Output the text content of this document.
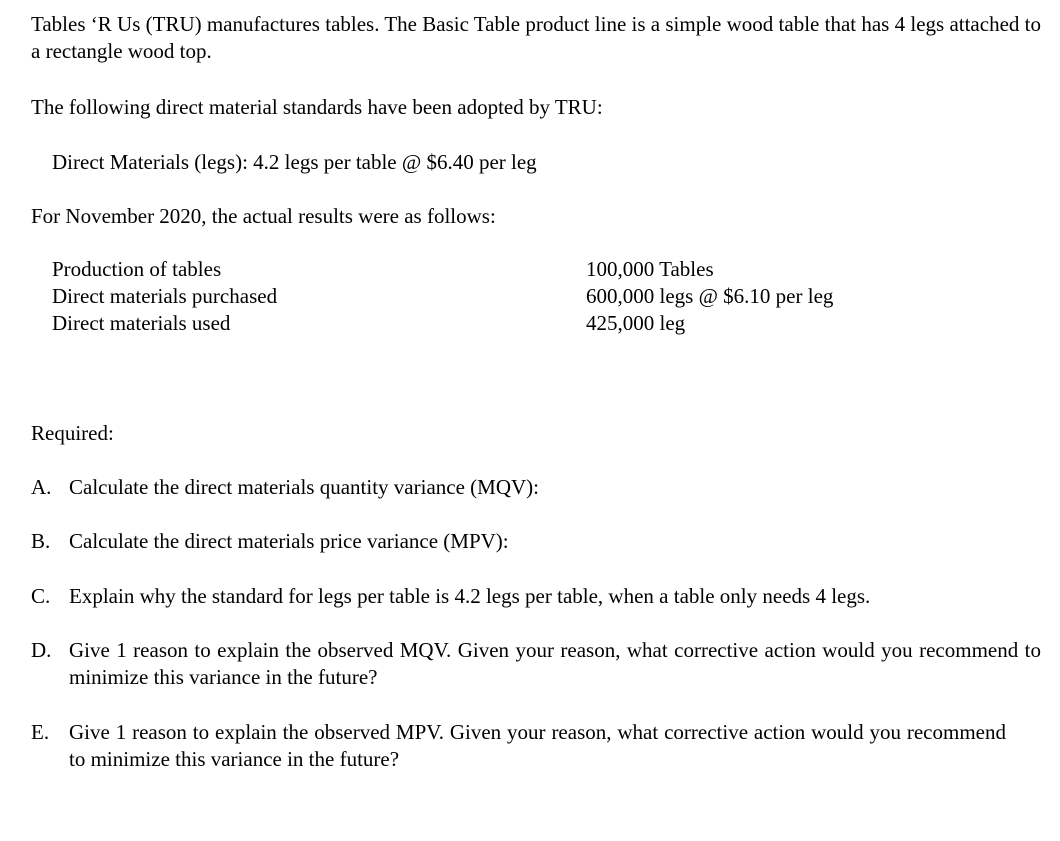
Tables ‘R Us (TRU) manufactures tables. The Basic Table product line is a simple wood table that has 4 legs attached to a rectangle wood top.
The following direct material standards have been adopted by TRU:
Direct Materials (legs): 4.2 legs per table @ $6.40 per leg
For November 2020, the actual results were as follows:
Production of tables	100,000 Tables
Direct materials purchased	600,000 legs @ $6.10 per leg
Direct materials used	425,000 leg
Required:
A. Calculate the direct materials quantity variance (MQV):
B. Calculate the direct materials price variance (MPV):
C. Explain why the standard for legs per table is 4.2 legs per table, when a table only needs 4 legs.
D. Give 1 reason to explain the observed MQV. Given your reason, what corrective action would you recommend to minimize this variance in the future?
E. Give 1 reason to explain the observed MPV. Given your reason, what corrective action would you recommend to minimize this variance in the future?
